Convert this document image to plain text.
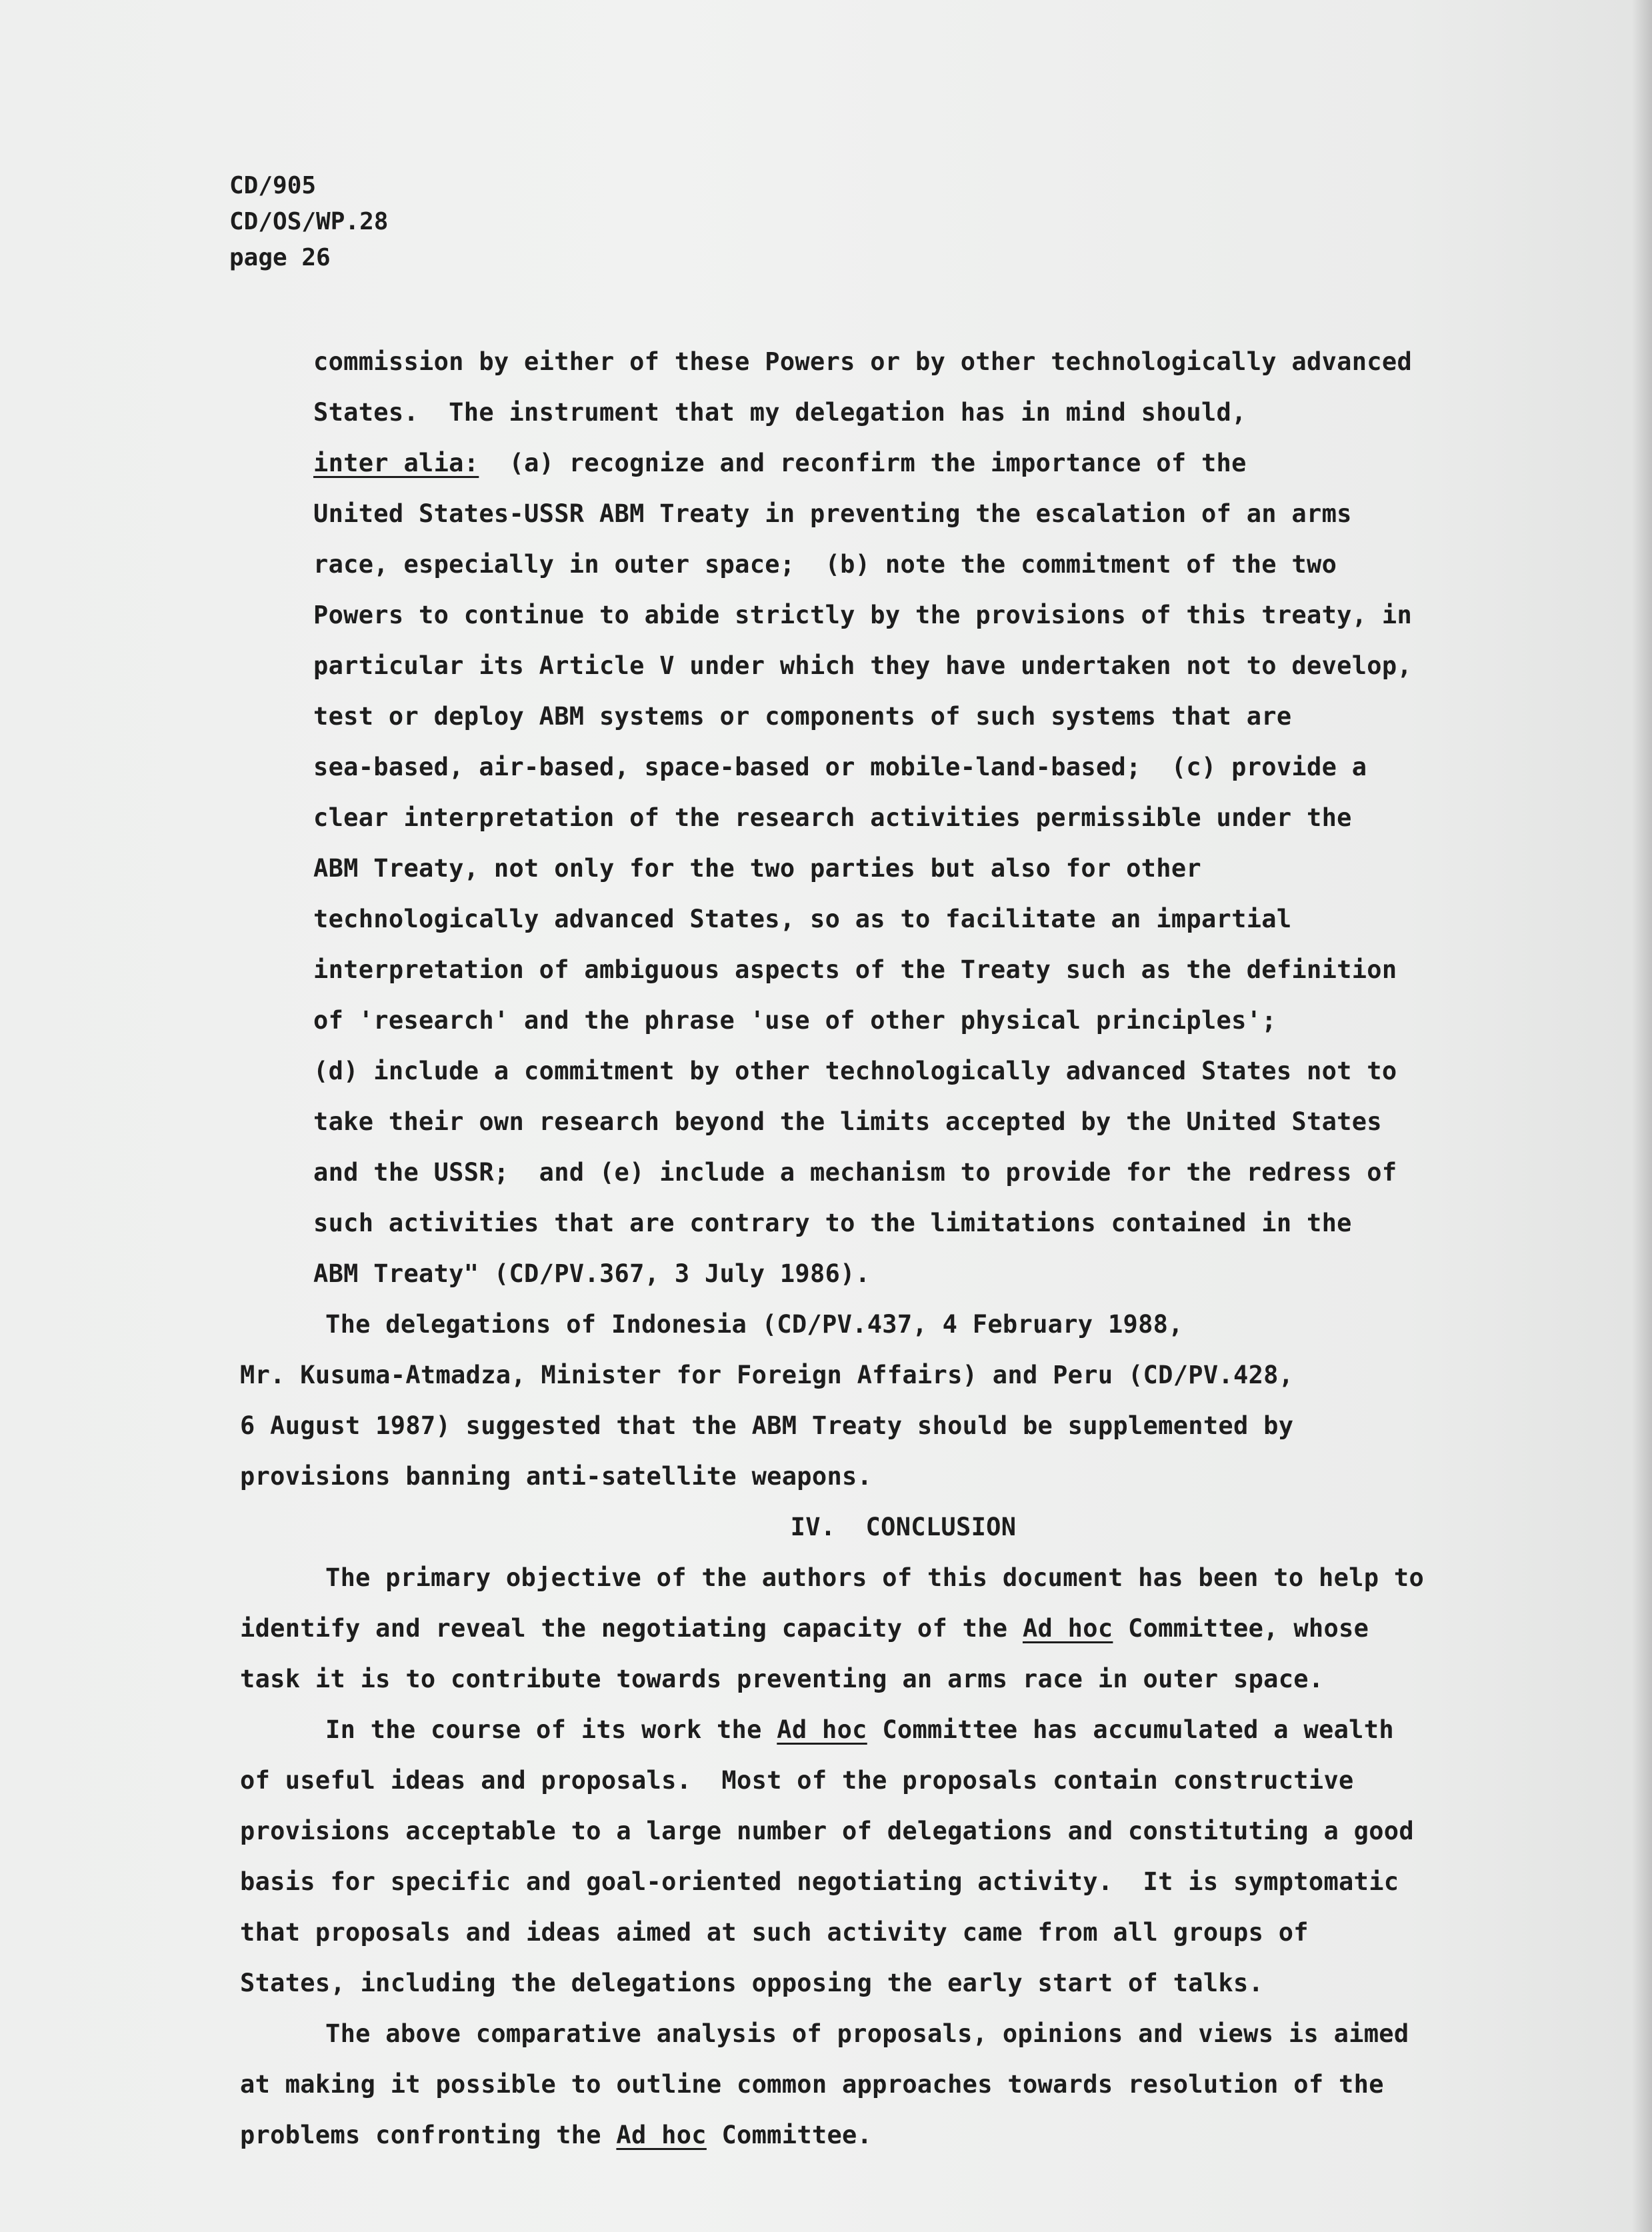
CD/905
CD/OS/WP.28
page 26
commission by either of these Powers or by other technologically advanced
States.  The instrument that my delegation has in mind should,
inter alia:  (a) recognize and reconfirm the importance of the
United States-USSR ABM Treaty in preventing the escalation of an arms
race, especially in outer space;  (b) note the commitment of the two
Powers to continue to abide strictly by the provisions of this treaty, in
particular its Article V under which they have undertaken not to develop,
test or deploy ABM systems or components of such systems that are
sea-based, air-based, space-based or mobile-land-based;  (c) provide a
clear interpretation of the research activities permissible under the
ABM Treaty, not only for the two parties but also for other
technologically advanced States, so as to facilitate an impartial
interpretation of ambiguous aspects of the Treaty such as the definition
of 'research' and the phrase 'use of other physical principles';
(d) include a commitment by other technologically advanced States not to
take their own research beyond the limits accepted by the United States
and the USSR;  and (e) include a mechanism to provide for the redress of
such activities that are contrary to the limitations contained in the
ABM Treaty" (CD/PV.367, 3 July 1986).
The delegations of Indonesia (CD/PV.437, 4 February 1988,
Mr. Kusuma-Atmadza, Minister for Foreign Affairs) and Peru (CD/PV.428,
6 August 1987) suggested that the ABM Treaty should be supplemented by
provisions banning anti-satellite weapons.
IV.  CONCLUSION
The primary objective of the authors of this document has been to help to
identify and reveal the negotiating capacity of the Ad hoc Committee, whose
task it is to contribute towards preventing an arms race in outer space.
In the course of its work the Ad hoc Committee has accumulated a wealth
of useful ideas and proposals.  Most of the proposals contain constructive
provisions acceptable to a large number of delegations and constituting a good
basis for specific and goal-oriented negotiating activity.  It is symptomatic
that proposals and ideas aimed at such activity came from all groups of
States, including the delegations opposing the early start of talks.
The above comparative analysis of proposals, opinions and views is aimed
at making it possible to outline common approaches towards resolution of the
problems confronting the Ad hoc Committee.
